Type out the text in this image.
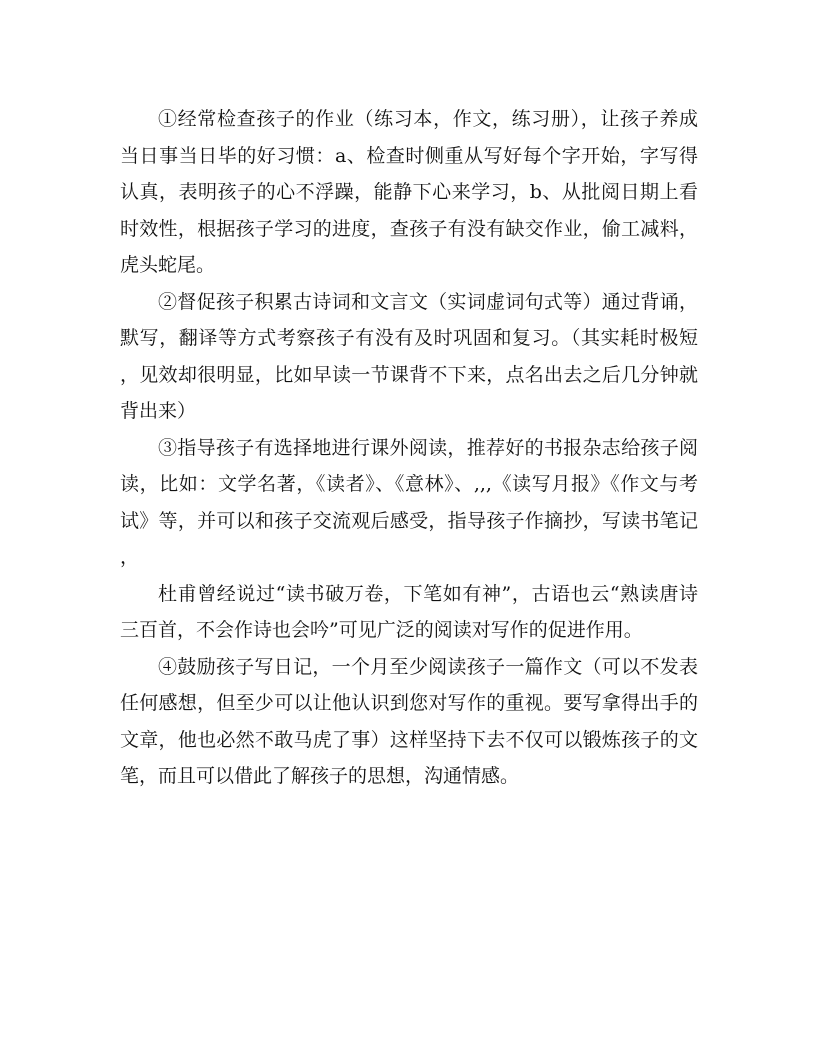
①经常检查孩子的作业（练习本，作文，练习册），让孩子养成当日事当日毕的好习惯：a、检查时侧重从写好每个字开始，字写得认真，表明孩子的心不浮躁，能静下心来学习，b、从批阅日期上看时效性，根据孩子学习的进度，查孩子有没有缺交作业，偷工减料，虎头蛇尾。

②督促孩子积累古诗词和文言文（实词虚词句式等）通过背诵，默写，翻译等方式考察孩子有没有及时巩固和复习。（其实耗时极短，见效却很明显，比如早读一节课背不下来，点名出去之后几分钟就背出来）

③指导孩子有选择地进行课外阅读，推荐好的书报杂志给孩子阅读，比如：文学名著，《读者》、《意林》、,,,《读写月报》《作文与考试》等，并可以和孩子交流观后感受，指导孩子作摘抄，写读书笔记，

杜甫曾经说过“读书破万卷，下笔如有神”，古语也云“熟读唐诗三百首，不会作诗也会吟”可见广泛的阅读对写作的促进作用。

④鼓励孩子写日记，一个月至少阅读孩子一篇作文（可以不发表任何感想，但至少可以让他认识到您对写作的重视。要写拿得出手的文章，他也必然不敢马虎了事）这样坚持下去不仅可以锻炼孩子的文笔，而且可以借此了解孩子的思想，沟通情感。
